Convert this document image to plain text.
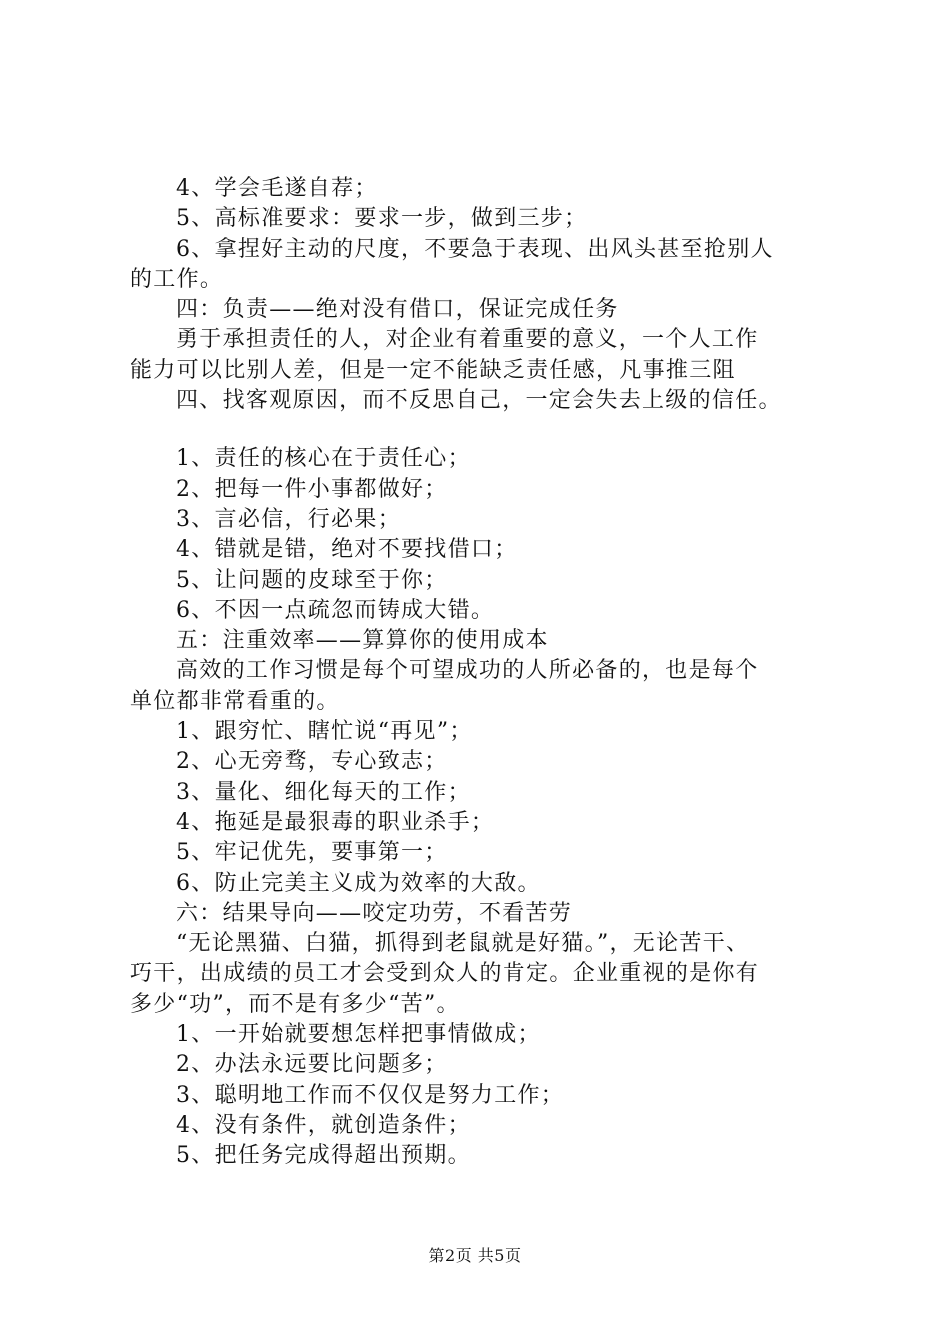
4、学会毛遂自荐；
5、高标准要求：要求一步，做到三步；
6、拿捏好主动的尺度，不要急于表现、出风头甚至抢别人
的工作。
四：负责——绝对没有借口，保证完成任务
勇于承担责任的人，对企业有着重要的意义，一个人工作
能力可以比别人差，但是一定不能缺乏责任感，凡事推三阻
四、找客观原因，而不反思自己，一定会失去上级的信任。
1、责任的核心在于责任心；
2、把每一件小事都做好；
3、言必信，行必果；
4、错就是错，绝对不要找借口；
5、让问题的皮球至于你；
6、不因一点疏忽而铸成大错。
五：注重效率——算算你的使用成本
高效的工作习惯是每个可望成功的人所必备的，也是每个
单位都非常看重的。
1、跟穷忙、瞎忙说“再见”；
2、心无旁骛，专心致志；
3、量化、细化每天的工作；
4、拖延是最狠毒的职业杀手；
5、牢记优先，要事第一；
6、防止完美主义成为效率的大敌。
六：结果导向——咬定功劳，不看苦劳
“无论黑猫、白猫，抓得到老鼠就是好猫。”，无论苦干、
巧干，出成绩的员工才会受到众人的肯定。企业重视的是你有
多少“功”，而不是有多少“苦”。
1、一开始就要想怎样把事情做成；
2、办法永远要比问题多；
3、聪明地工作而不仅仅是努力工作；
4、没有条件，就创造条件；
5、把任务完成得超出预期。
第2页 共5页
